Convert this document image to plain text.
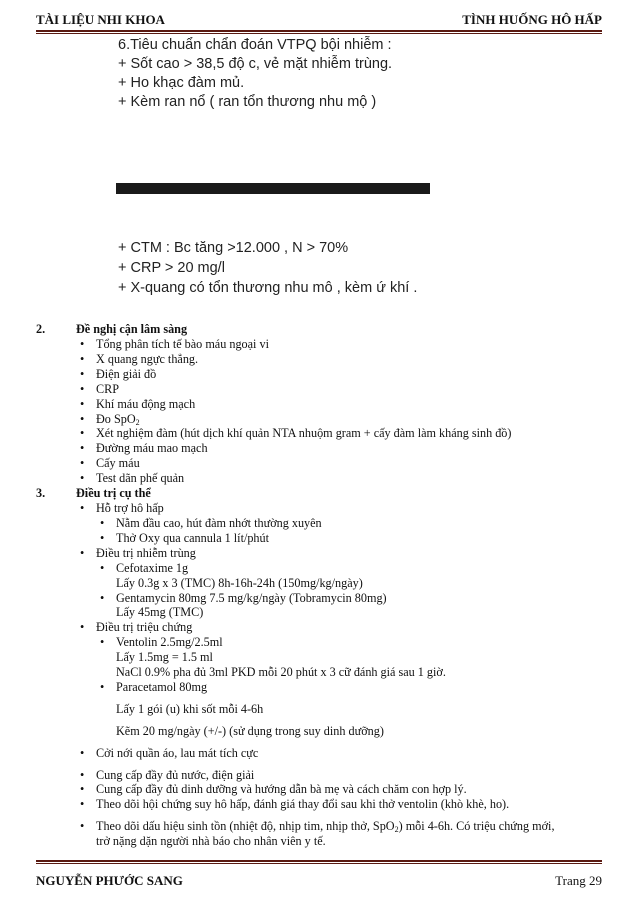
TÀI LIỆU NHI KHOA	TÌNH HUỐNG HÔ HẤP
6.Tiêu chuẩn chẩn đoán VTPQ bội nhiễm :
+ Sốt cao > 38,5 độ c, vẻ mặt nhiễm trùng.
+ Ho khạc đàm mủ.
+ Kèm ran nổ ( ran tổn thương nhu mộ )
+ CTM : Bc tăng >12.000 , N > 70%
+ CRP > 20 mg/l
+ X-quang có tổn thương nhu mô , kèm ứ khí .
2.	Đề nghị cận lâm sàng
• Tổng phân tích tế bào máu ngoại vi
• X quang ngực thẳng.
• Điện giải đồ
• CRP
• Khí máu động mạch
• Đo SpO$_2$
• Xét nghiệm đàm (hút dịch khí quản NTA nhuộm gram + cấy đàm làm kháng sinh đồ)
• Đường máu mao mạch
• Cấy máu
• Test dãn phế quản
3.	Điều trị cụ thể
• Hỗ trợ hô hấp
• Nằm đầu cao, hút đàm nhớt thường xuyên
• Thở Oxy qua cannula 1 lít/phút
• Điều trị nhiễm trùng
• Cefotaxime 1g
Lấy 0.3g x 3 (TMC) 8h-16h-24h (150mg/kg/ngày)
• Gentamycin 80mg 7.5 mg/kg/ngày (Tobramycin 80mg)
Lấy 45mg (TMC)
• Điều trị triệu chứng
• Ventolin 2.5mg/2.5ml
Lấy 1.5mg = 1.5 ml
NaCl 0.9% pha đủ 3ml PKD mỗi 20 phút x 3 cữ đánh giá sau 1 giờ.
• Paracetamol 80mg
Lấy 1 gói (u) khi sốt mỗi 4-6h
Kẽm 20 mg/ngày (+/-) (sử dụng trong suy dinh dưỡng)
• Cởi nới quần áo, lau mát tích cực
• Cung cấp đầy đủ nước, điện giải
• Cung cấp đầy đủ dinh dưỡng và hướng dẫn bà mẹ và cách chăm con hợp lý.
• Theo dõi hội chứng suy hô hấp, đánh giá thay đổi sau khi thở ventolin (khò khè, ho).
• Theo dõi dấu hiệu sinh tồn (nhiệt độ, nhịp tim, nhịp thở, SpO$_2$) mỗi 4-6h. Có triệu chứng mới,
trở nặng dặn người nhà báo cho nhân viên y tế.
NGUYỄN PHƯỚC SANG	Trang 29
